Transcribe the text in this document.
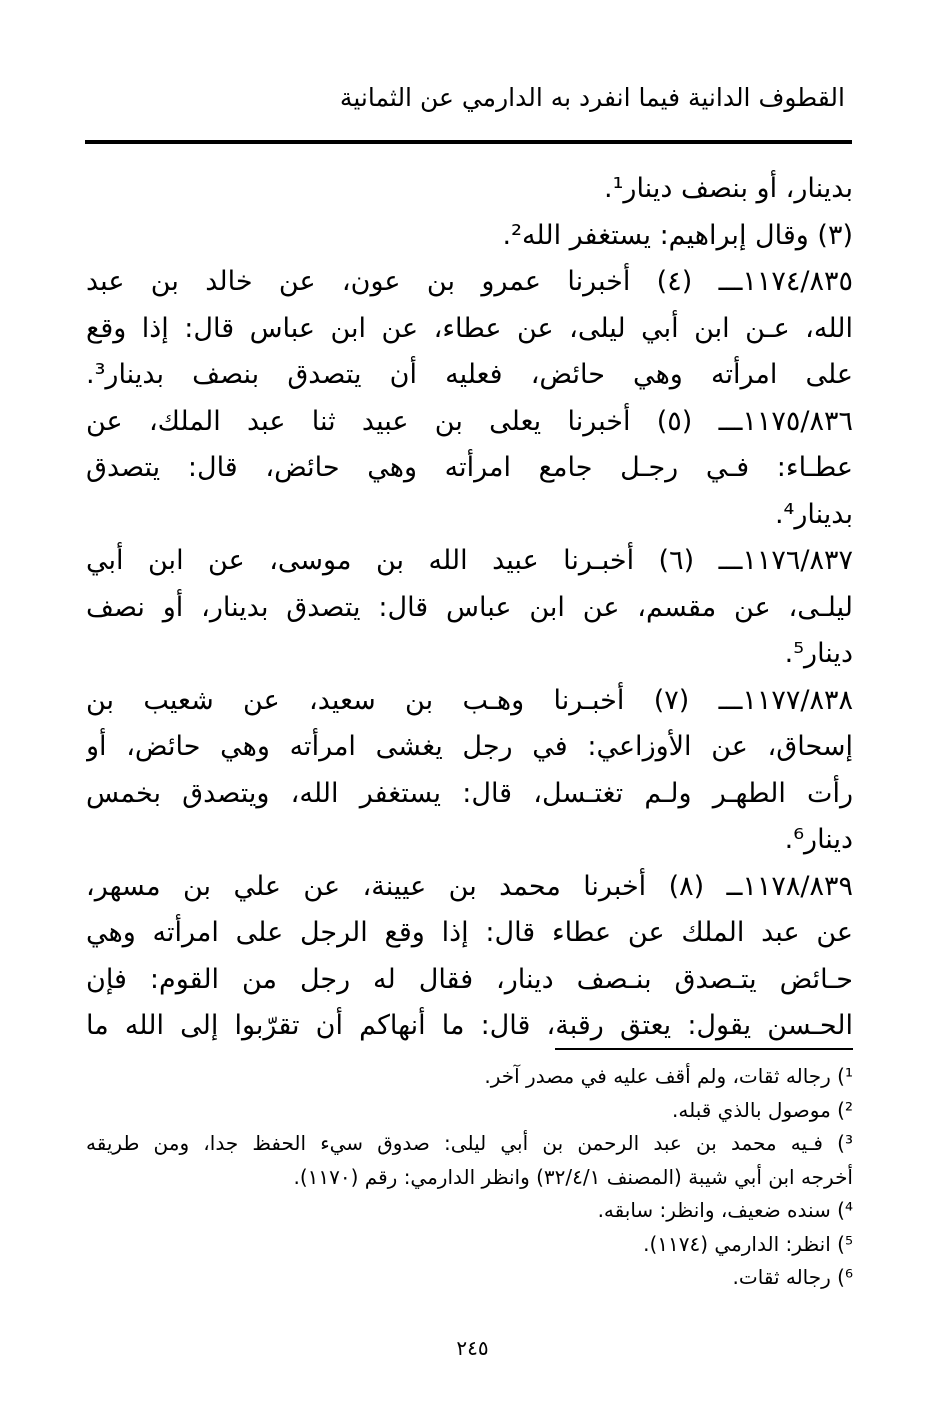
القطوف الدانية فيما انفرد به الدارمي عن الثمانية
بدينار، أو بنصف دينار¹.
(٣) وقال إبراهيم: يستغفر الله².
١١٧٤/٨٣٥ـــ (٤) أخبرنا عمرو بن عون، عن خالد بن عبد
الله، عـن ابن أبي ليلى، عن عطاء، عن ابن عباس قال: إذا وقع
على امرأته وهي حائض، فعليه أن يتصدق بنصف بدينار³.
١١٧٥/٨٣٦ـــ (٥) أخبرنا يعلى بن عبيد ثنا عبد الملك، عن
عطـاء: فـي رجـل جامع امرأته وهي حائض، قال: يتصدق
بدينار⁴.
١١٧٦/٨٣٧ـــ (٦) أخبـرنا عبيد الله بن موسى، عن ابن أبي
ليلـى، عن مقسم، عن ابن عباس قال: يتصدق بدينار، أو نصف
دينار⁵.
١١٧٧/٨٣٨ـــ (٧) أخبـرنا وهـب بن سعيد، عن شعيب بن
إسحاق، عن الأوزاعي: في رجل يغشى امرأته وهي حائض، أو
رأت الطهـر ولـم تغتـسل، قال: يستغفر الله، ويتصدق بخمس
دينار⁶.
١١٧٨/٨٣٩ــ (٨) أخبرنا محمد بن عيينة، عن علي بن مسهر،
عن عبد الملك عن عطاء قال: إذا وقع الرجل على امرأته وهي
حـائض يتـصدق بنـصف دينار، فقال له رجل من القوم: فإن
الحـسن يقول: يعتق رقبة، قال: ما أنهاكم أن تقرّبوا إلى الله ما
¹) رجاله ثقات، ولم أقف عليه في مصدر آخر.
²) موصول بالذي قبله.
³) فـيه محمد بن عبد الرحمن بن أبي ليلى: صدوق سيء الحفظ جدا، ومن طريقه
أخرجه ابن أبي شيبة (المصنف ٣٢/٤/١) وانظر الدارمي: رقم (١١٧٠).
⁴) سنده ضعيف، وانظر: سابقه.
⁵) انظر: الدارمي (١١٧٤).
⁶) رجاله ثقات.
٢٤٥
